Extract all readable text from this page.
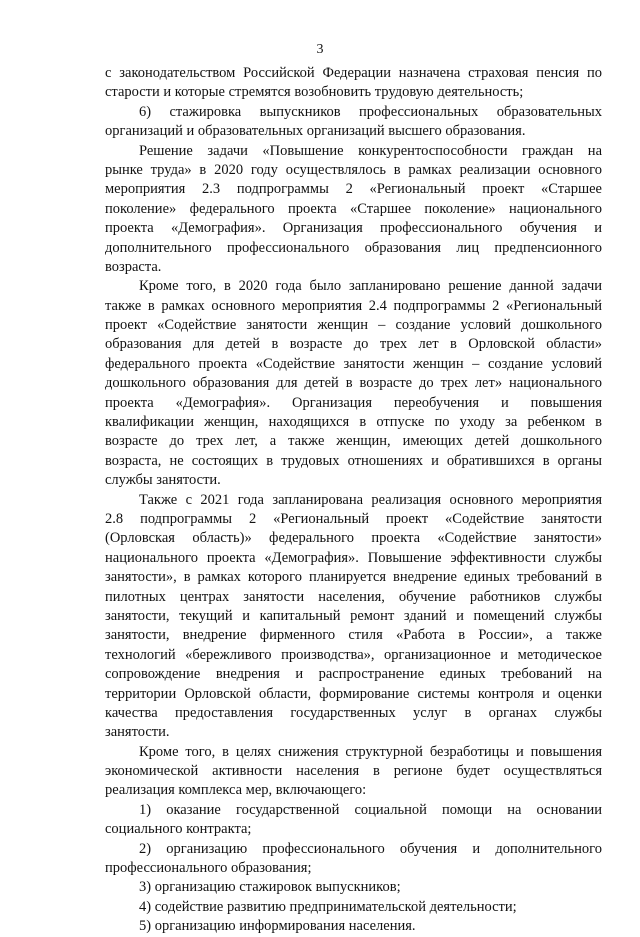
3
с законодательством Российской Федерации назначена страховая пенсия по
старости и которые стремятся возобновить трудовую деятельность;
6) стажировка выпускников профессиональных образовательных
организаций и образовательных организаций высшего образования.
Решение задачи «Повышение конкурентоспособности граждан на
рынке труда» в 2020 году осуществлялось в рамках реализации основного
мероприятия 2.3 подпрограммы 2 «Региональный проект «Старшее
поколение» федерального проекта «Старшее поколение» национального
проекта «Демография». Организация профессионального обучения и
дополнительного профессионального образования лиц предпенсионного
возраста.
Кроме того, в 2020 года было запланировано решение данной задачи
также в рамках основного мероприятия 2.4 подпрограммы 2 «Региональный
проект «Содействие занятости женщин – создание условий дошкольного
образования для детей в возрасте до трех лет в Орловской области»
федерального проекта «Содействие занятости женщин – создание условий
дошкольного образования для детей в возрасте до трех лет» национального
проекта «Демография». Организация переобучения и повышения
квалификации женщин, находящихся в отпуске по уходу за ребенком в
возрасте до трех лет, а также женщин, имеющих детей дошкольного
возраста, не состоящих в трудовых отношениях и обратившихся в органы
службы занятости.
Также с 2021 года запланирована реализация основного мероприятия
2.8 подпрограммы 2 «Региональный проект «Содействие занятости
(Орловская область)» федерального проекта «Содействие занятости»
национального проекта «Демография». Повышение эффективности службы
занятости», в рамках которого планируется внедрение единых требований в
пилотных центрах занятости населения, обучение работников службы
занятости, текущий и капитальный ремонт зданий и помещений службы
занятости, внедрение фирменного стиля «Работа в России», а также
технологий «бережливого производства», организационное и методическое
сопровождение внедрения и распространение единых требований на
территории Орловской области, формирование системы контроля и оценки
качества предоставления государственных услуг в органах службы
занятости.
Кроме того, в целях снижения структурной безработицы и повышения
экономической активности населения в регионе будет осуществляться
реализация комплекса мер, включающего:
1) оказание государственной социальной помощи на основании
социального контракта;
2) организацию профессионального обучения и дополнительного
профессионального образования;
3) организацию стажировок выпускников;
4) содействие развитию предпринимательской деятельности;
5) организацию информирования населения.
